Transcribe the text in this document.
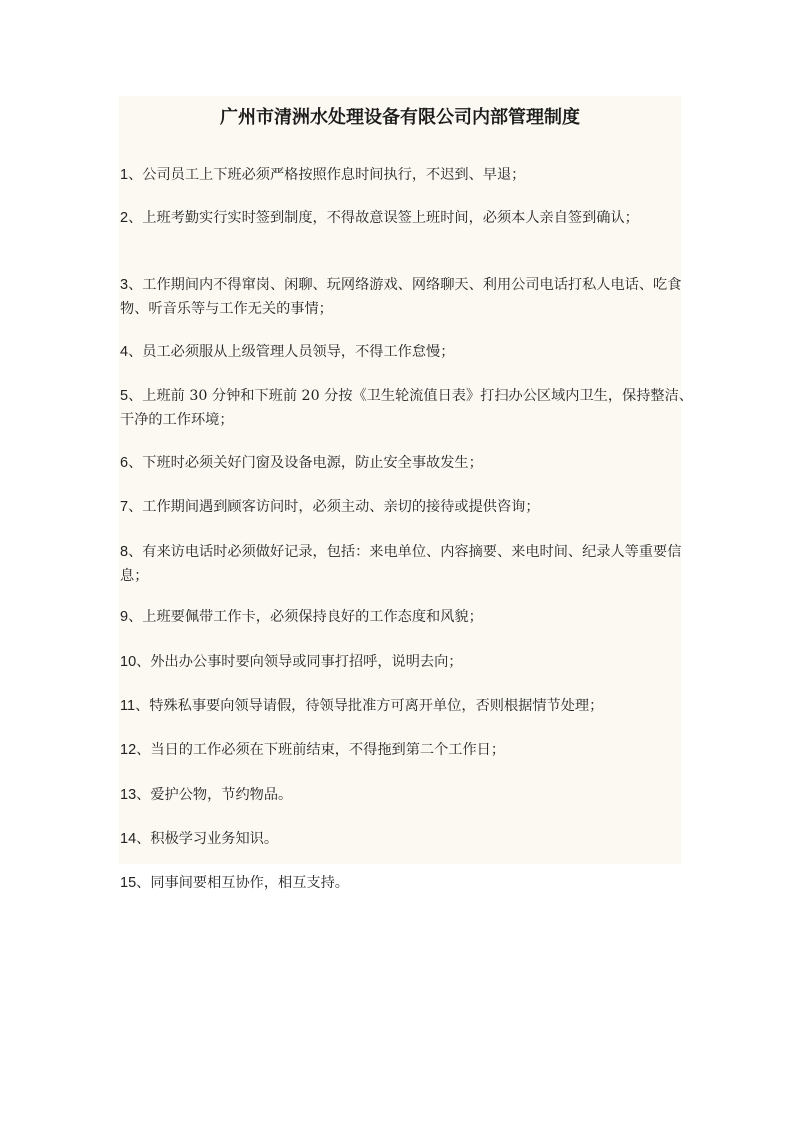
广州市清洲水处理设备有限公司内部管理制度
1、公司员工上下班必须严格按照作息时间执行，不迟到、早退；
2、上班考勤实行实时签到制度，不得故意误签上班时间，必须本人亲自签到确认；
3、工作期间内不得窜岗、闲聊、玩网络游戏、网络聊天、利用公司电话打私人电话、吃食物、听音乐等与工作无关的事情；
4、员工必须服从上级管理人员领导，不得工作怠慢；
5、上班前 30 分钟和下班前 20 分按《卫生轮流值日表》打扫办公区域内卫生，保持整洁、干净的工作环境；
6、下班时必须关好门窗及设备电源，防止安全事故发生；
7、工作期间遇到顾客访问时，必须主动、亲切的接待或提供咨询；
8、有来访电话时必须做好记录，包括：来电单位、内容摘要、来电时间、纪录人等重要信息；
9、上班要佩带工作卡，必须保持良好的工作态度和风貌；
10、外出办公事时要向领导或同事打招呼，说明去向；
11、特殊私事要向领导请假，待领导批准方可离开单位，否则根据情节处理；
12、当日的工作必须在下班前结束，不得拖到第二个工作日；
13、爱护公物，节约物品。
14、积极学习业务知识。
15、同事间要相互协作，相互支持。
